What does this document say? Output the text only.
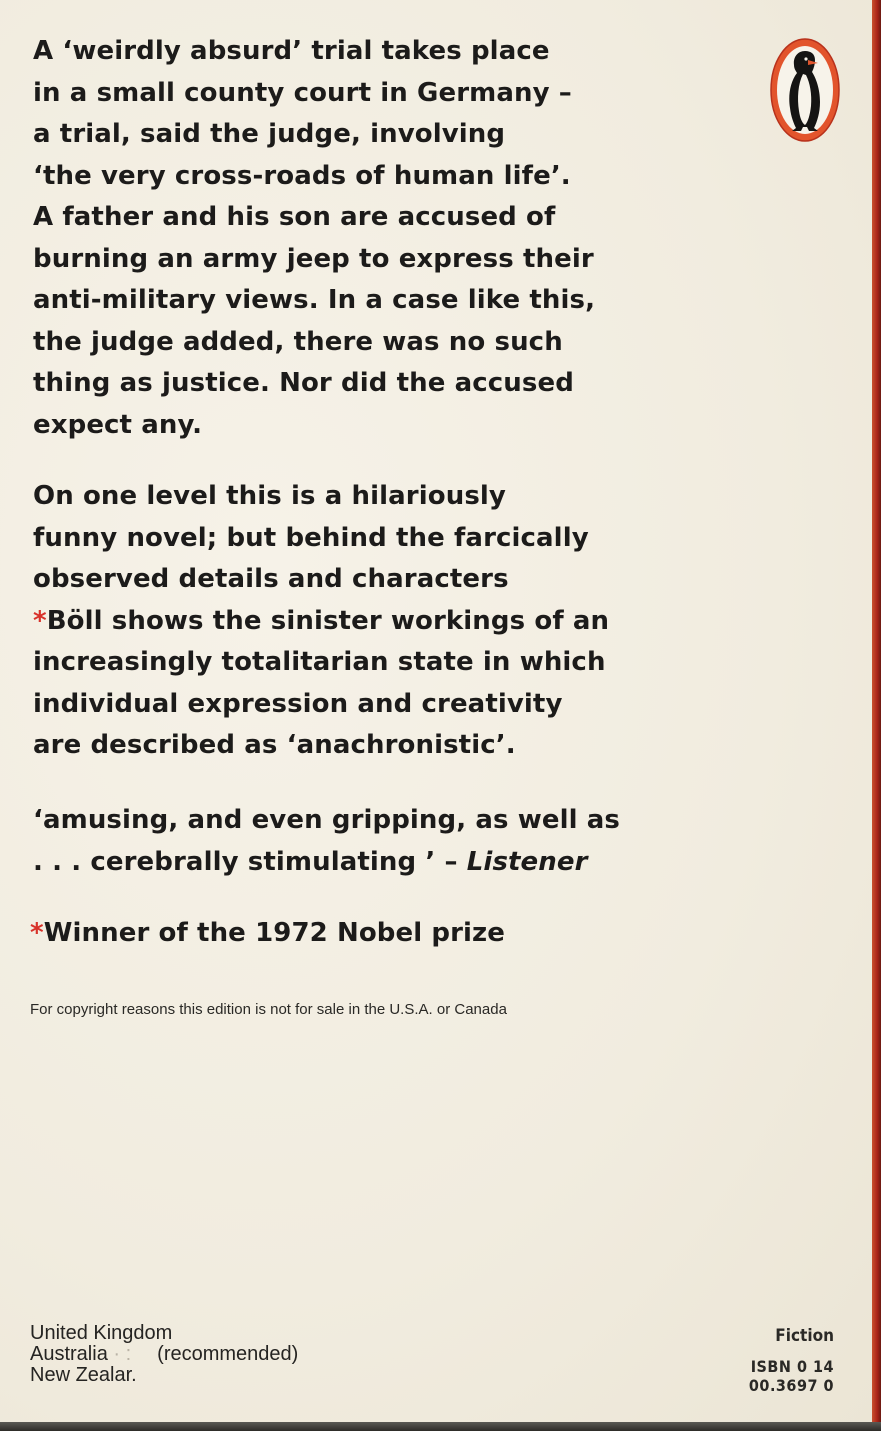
A ‘weirdly absurd’ trial takes place
in a small county court in Germany –
a trial, said the judge, involving
‘the very cross-roads of human life’.
A father and his son are accused of
burning an army jeep to express their
anti-military views. In a case like this,
the judge added, there was no such
thing as justice. Nor did the accused
expect any.
On one level this is a hilariously
funny novel; but behind the farcically
observed details and characters
*Böll shows the sinister workings of an
increasingly totalitarian state in which
individual expression and creativity
are described as ‘anachronistic’.
‘amusing, and even gripping, as well as
. . . cerebrally stimulating ’ – Listener
*Winner of the 1972 Nobel prize
For copyright reasons this edition is not for sale in the U.S.A. or Canada
United Kingdom
Australia · : (recommended)
New Zealar.
Fiction
ISBN 0 14
00.3697 0
